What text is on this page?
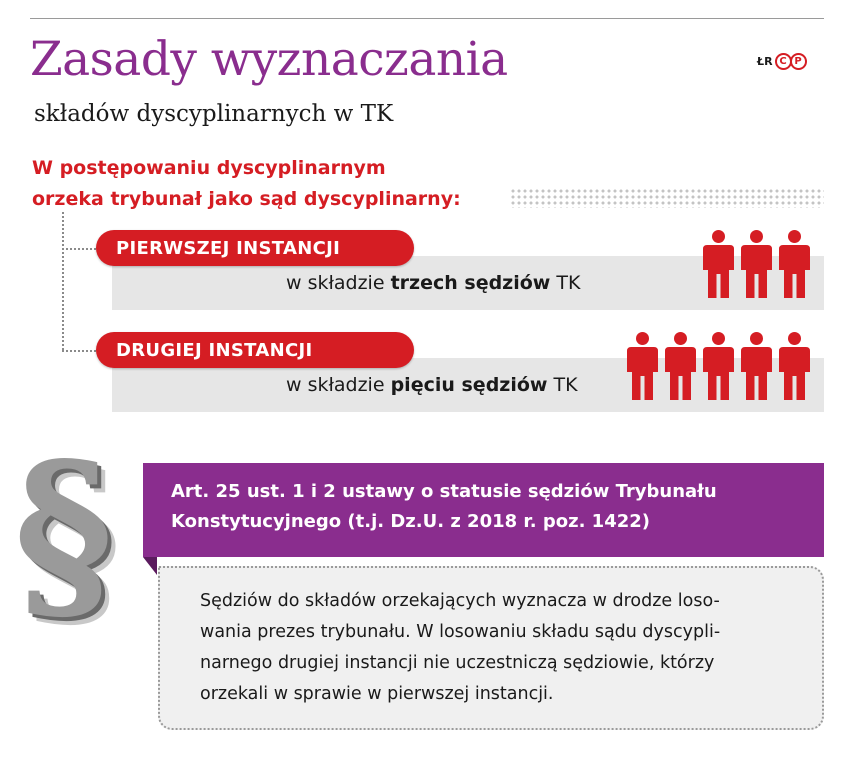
Zasady wyznaczania
składów dyscyplinarnych w TK
ŁR C P

W postępowaniu dyscyplinarnym
orzeka trybunał jako sąd dyscyplinarny:

PIERWSZEJ INSTANCJI
w składzie trzech sędziów TK
DRUGIEJ INSTANCJI
w składzie pięciu sędziów TK
§	Art. 25 ust. 1 i 2 ustawy o statusie sędziów Trybunału
Konstytucyjnego (t.j. Dz.U. z 2018 r. poz. 1422)

Sędziów do składów orzekających wyznacza w drodze loso-
wania prezes trybunału. W losowaniu składu sądu dyscypli-
narnego drugiej instancji nie uczestniczą sędziowie, którzy
orzekali w sprawie w pierwszej instancji.
